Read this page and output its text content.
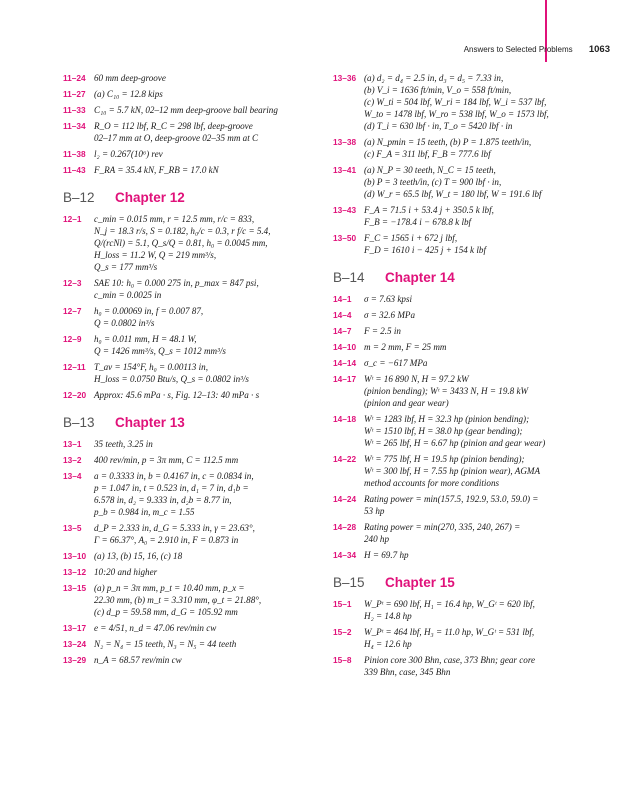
Answers to Selected Problems 1063
11–24 60 mm deep-groove
11–27 (a) C₁₀ = 12.8 kips
11–33 C₁₀ = 5.7 kN, 02–12 mm deep-groove ball bearing
11–34 R_O = 112 lbf, R_C = 298 lbf, deep-groove
02–17 mm at O, deep-groove 02–35 mm at C
11–38 l₂ = 0.267(10⁶) rev
11–43 F_RA = 35.4 kN, F_RB = 17.0 kN
B–12	Chapter 12
12–1	c_min = 0.015 mm, r = 12.5 mm, r/c = 833,
N_j = 18.3 r/s, S = 0.182, h₀/c = 0.3, r f/c = 5.4,
Q/(rcNl) = 5.1, Q_s/Q = 0.81, h₀ = 0.0045 mm,
H_loss = 11.2 W, Q = 219 mm³/s,
Q_s = 177 mm³/s
12–3	SAE 10: h₀ = 0.000 275 in, p_max = 847 psi,
c_min = 0.0025 in
12–7	h₀ = 0.00069 in, f = 0.007 87,
Q = 0.0802 in³/s
12–9	h₀ = 0.011 mm, H = 48.1 W,
Q = 1426 mm³/s, Q_s = 1012 mm³/s
12–11 T_av = 154°F, h₀ = 0.00113 in,
H_loss = 0.0750 Btu/s, Q_s = 0.0802 in³/s
12–20 Approx: 45.6 mPa · s, Fig. 12–13: 40 mPa · s
B–13	Chapter 13
13–1	35 teeth, 3.25 in
13–2	400 rev/min, p = 3π mm, C = 112.5 mm
13–4	a = 0.3333 in, b = 0.4167 in, c = 0.0834 in,
p = 1.047 in, t = 0.523 in, d₁ = 7 in, d₁b =
6.578 in, d₂ = 9.333 in, d₂b = 8.77 in,
p_b = 0.984 in, m_c = 1.55
13–5	d_P = 2.333 in, d_G = 5.333 in, γ = 23.63°,
Γ = 66.37°, A₀ = 2.910 in, F = 0.873 in
13–10 (a) 13, (b) 15, 16, (c) 18
13–12 10:20 and higher
13–15 (a) p_n = 3π mm, p_t = 10.40 mm, p_x =
22.30 mm, (b) m_t = 3.310 mm, φ_t = 21.88°,
(c) d_p = 59.58 mm, d_G = 105.92 mm
13–17 e = 4/51, n_d = 47.06 rev/min cw
13–24 N₂ = N₄ = 15 teeth, N₃ = N₅ = 44 teeth
13–29 n_A = 68.57 rev/min cw
13–36 (a) d₂ = d₄ = 2.5 in, d₃ = d₅ = 7.33 in,
(b) V_i = 1636 ft/min, V_o = 558 ft/min,
(c) W_ti = 504 lbf, W_ri = 184 lbf, W_i = 537 lbf,
W_to = 1478 lbf, W_ro = 538 lbf, W_o = 1573 lbf,
(d) T_i = 630 lbf · in, T_o = 5420 lbf · in
13–38 (a) N_pmin = 15 teeth, (b) P = 1.875 teeth/in,
(c) F_A = 311 lbf, F_B = 777.6 lbf
13–41 (a) N_P = 30 teeth, N_C = 15 teeth,
(b) P = 3 teeth/in, (c) T = 900 lbf · in,
(d) W_r = 65.5 lbf, W_t = 180 lbf, W = 191.6 lbf
13–43 F_A = 71.5 i + 53.4 j + 350.5 k lbf,
F_B = −178.4 i − 678.8 k lbf
13–50 F_C = 1565 i + 672 j lbf,
F_D = 1610 i − 425 j + 154 k lbf
B–14	Chapter 14
14–1	σ = 7.63 kpsi
14–4	σ = 32.6 MPa
14–7	F = 2.5 in
14–10 m = 2 mm, F = 25 mm
14–14 σ_c = −617 MPa
14–17 Wᵗ = 16 890 N, H = 97.2 kW
(pinion bending); Wᵗ = 3433 N, H = 19.8 kW
(pinion and gear wear)
14–18 Wᵗ = 1283 lbf, H = 32.3 hp (pinion bending);
Wᵗ = 1510 lbf, H = 38.0 hp (gear bending);
Wᵗ = 265 lbf, H = 6.67 hp (pinion and gear wear)
14–22 Wᵗ = 775 lbf, H = 19.5 hp (pinion bending);
Wᵗ = 300 lbf, H = 7.55 hp (pinion wear), AGMA
method accounts for more conditions
14–24 Rating power = min(157.5, 192.9, 53.0, 59.0) =
53 hp
14–28 Rating power = min(270, 335, 240, 267) =
240 hp
14–34 H = 69.7 hp
B–15	Chapter 15
15–1	W_Pᵗ = 690 lbf, H₁ = 16.4 hp, W_Gᵗ = 620 lbf,
H₂ = 14.8 hp
15–2	W_Pᵗ = 464 lbf, H₃ = 11.0 hp, W_Gᵗ = 531 lbf,
H₄ = 12.6 hp
15–8	Pinion core 300 Bhn, case, 373 Bhn; gear core
339 Bhn, case, 345 Bhn
